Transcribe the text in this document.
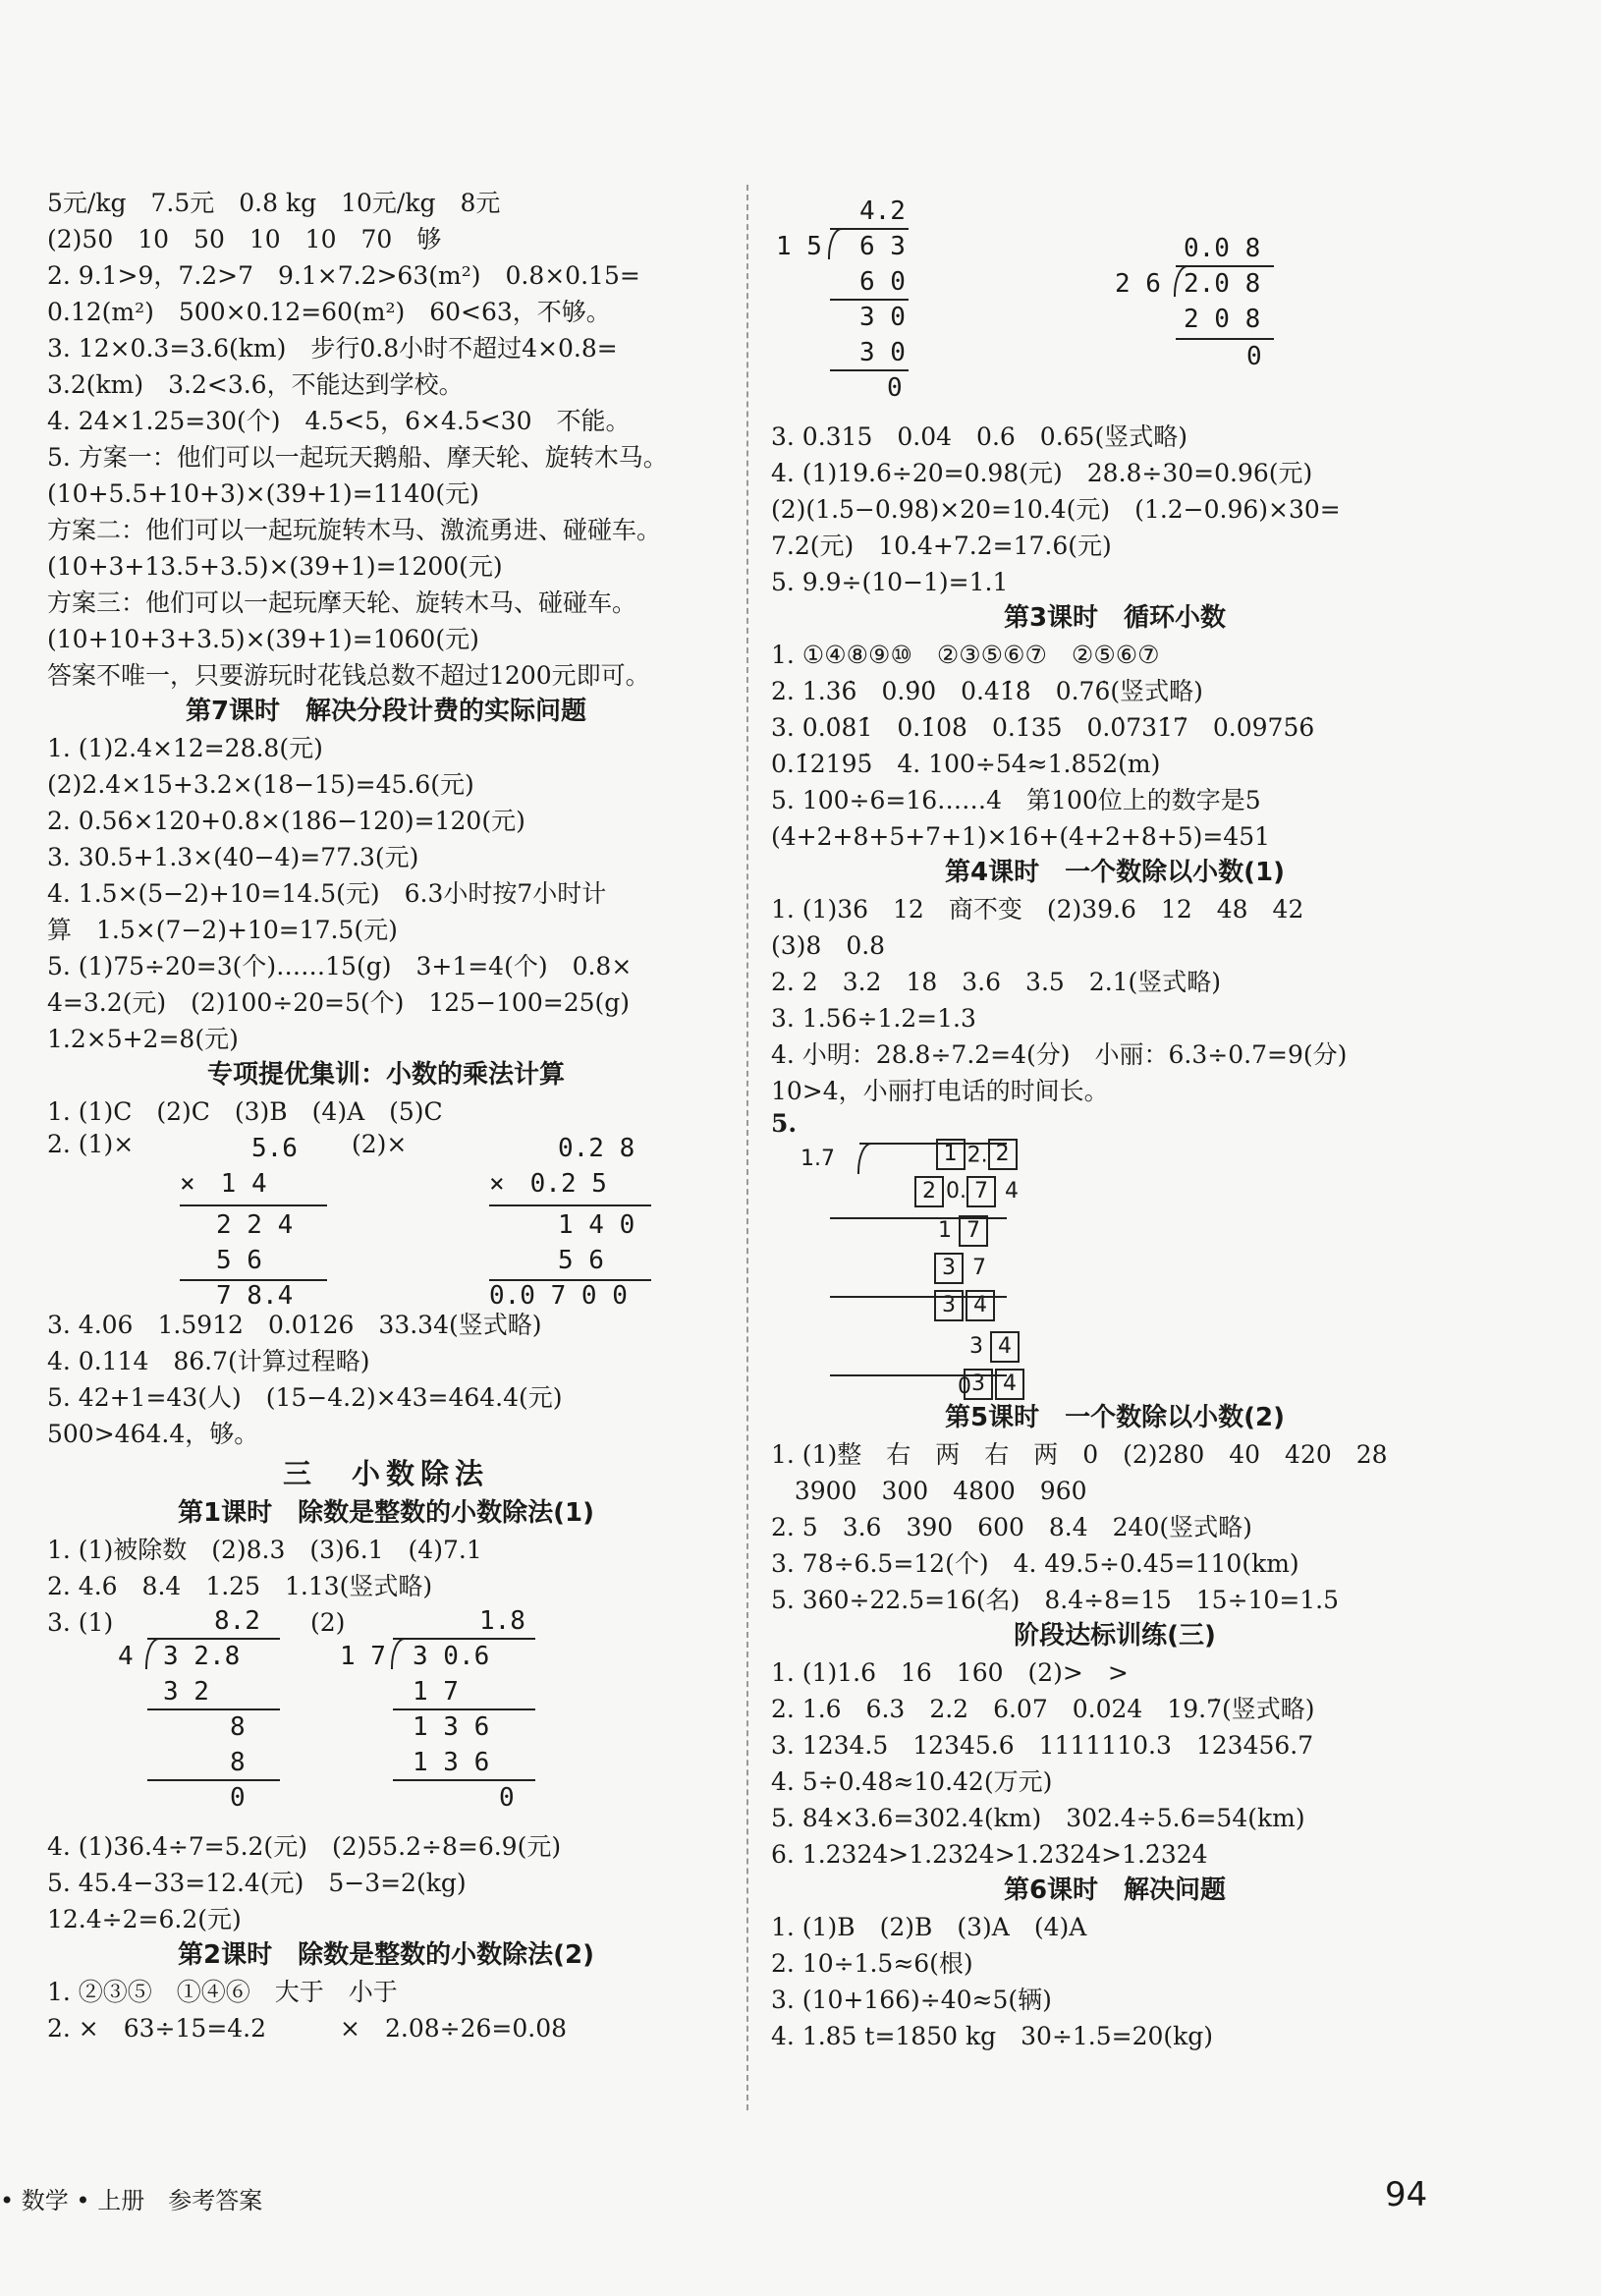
5元/kg　7.5元　0.8 kg　10元/kg　8元
(2)50　10　50　10　10　70　够
2. 9.1>9，7.2>7　9.1×7.2>63(m²)　0.8×0.15=
0.12(m²)　500×0.12=60(m²)　60<63，不够。
3. 12×0.3=3.6(km)　步行0.8小时不超过4×0.8=
3.2(km)　3.2<3.6，不能达到学校。
4. 24×1.25=30(个)　4.5<5，6×4.5<30　不能。
5. 方案一：他们可以一起玩天鹅船、摩天轮、旋转木马。
(10+5.5+10+3)×(39+1)=1140(元)
方案二：他们可以一起玩旋转木马、激流勇进、碰碰车。
(10+3+13.5+3.5)×(39+1)=1200(元)
方案三：他们可以一起玩摩天轮、旋转木马、碰碰车。
(10+10+3+3.5)×(39+1)=1060(元)
答案不唯一，只要游玩时花钱总数不超过1200元即可。
第7课时　解决分段计费的实际问题
1. (1)2.4×12=28.8(元)
(2)2.4×15+3.2×(18−15)=45.6(元)
2. 0.56×120+0.8×(186−120)=120(元)
3. 30.5+1.3×(40−4)=77.3(元)
4. 1.5×(5−2)+10=14.5(元)　6.3小时按7小时计
算　1.5×(7−2)+10=17.5(元)
5. (1)75÷20=3(个)……15(g)　3+1=4(个)　0.8×
4=3.2(元)　(2)100÷20=5(个)　125−100=25(g)
1.2×5+2=8(元)
专项提优集训：小数的乘法计算
1. (1)C　(2)C　(3)B　(4)A　(5)C
2. (1)×	(2)×
5.6
×　1 4
2 2 4
5 6
7 8.4
0.2 8
×　0.2 5
1 4 0
5 6
0.0 7 0 0
3. 4.06　1.5912　0.0126　33.34(竖式略)
4. 0.114　86.7(计算过程略)
5. 42+1=43(人)　(15−4.2)×43=464.4(元)
500>464.4，够。
三　小数除法
第1课时　除数是整数的小数除法(1)
1. (1)被除数　(2)8.3　(3)6.1　(4)7.1
2. 4.6　8.4　1.25　1.13(竖式略)
3. (1)	(2)
8.2
4 3 2.8
3 2
8
8
0
1.8
1 7 3 0.6
1 7
1 3 6
1 3 6
0
4. (1)36.4÷7=5.2(元)　(2)55.2÷8=6.9(元)
5. 45.4−33=12.4(元)　5−3=2(kg)
12.4÷2=6.2(元)
第2课时　除数是整数的小数除法(2)
1. ②③⑤　①④⑥　大于　小于
2. ×　63÷15=4.2　　　×　2.08÷26=0.08
4.2
1 5 6 3
6 0
3 0
3 0
0
0.0 8
2 6 2.0 8
2 0 8
0
3. 0.315　0.04　0.6　0.65(竖式略)
4. (1)19.6÷20=0.98(元)　28.8÷30=0.96(元)
(2)(1.5−0.98)×20=10.4(元)　(1.2−0.96)×30=
7.2(元)　10.4+7.2=17.6(元)
5. 9.9÷(10−1)=1.1
第3课时　循环小数
1. ①④⑧⑨⑩　②③⑤⑥⑦　②⑤⑥⑦
2. 1.36̇　0.9̇0̇　0.41̇8̇　0.76̇(竖式略)
3. 0.0̇81̇　0.1̇08̇　0.1̇35̇　0.0̇731̇7̇　0.0975̇6̇
0.1̇2195̇　4. 100÷54≈1.852(m)
5. 100÷6=16……4　第100位上的数字是5
(4+2+8+5+7+1)×16+(4+2+8+5)=451
第4课时　一个数除以小数(1)
1. (1)36　12　商不变　(2)39.6　12　48　42
(3)8　0.8
2. 2　3.2　18　3.6　3.5　2.1(竖式略)
3. 1.56÷1.2=1.3
4. 小明：28.8÷7.2=4(分)　小丽：6.3÷0.7=9(分)
10>4，小丽打电话的时间长。
5.

1 2. 2

1.7

2 0. 7 4

1 7

3 7

3 4

3 4

3 4

0
第5课时　一个数除以小数(2)
1. (1)整　右　两　右　两　0　(2)280　40　420　28
3900　300　4800　960
2. 5　3.6　390　600　8.4　240(竖式略)
3. 78÷6.5=12(个)　4. 49.5÷0.45=110(km)
5. 360÷22.5=16(名)　8.4÷8=15　15÷10=1.5
阶段达标训练(三)
1. (1)1.6　16　160　(2)>　>
2. 1.6　6.3　2.2　6.07　0.024　19.7̇(竖式略)
3. 1234.5　12345.6　1111110.3　123456.7
4. 5÷0.48≈10.42(万元)
5. 84×3.6=302.4(km)　302.4÷5.6=54(km)
6. 1.2324̇>1.232̇4̇>1.23̇24̇>1.2̇324̇
第6课时　解决问题
1. (1)B　(2)B　(3)A　(4)A
2. 10÷1.5≈6(根)
3. (10+166)÷40≈5(辆)
4. 1.85 t=1850 kg　30÷1.5=20(kg)
• 数学 • 上册　参考答案	94
